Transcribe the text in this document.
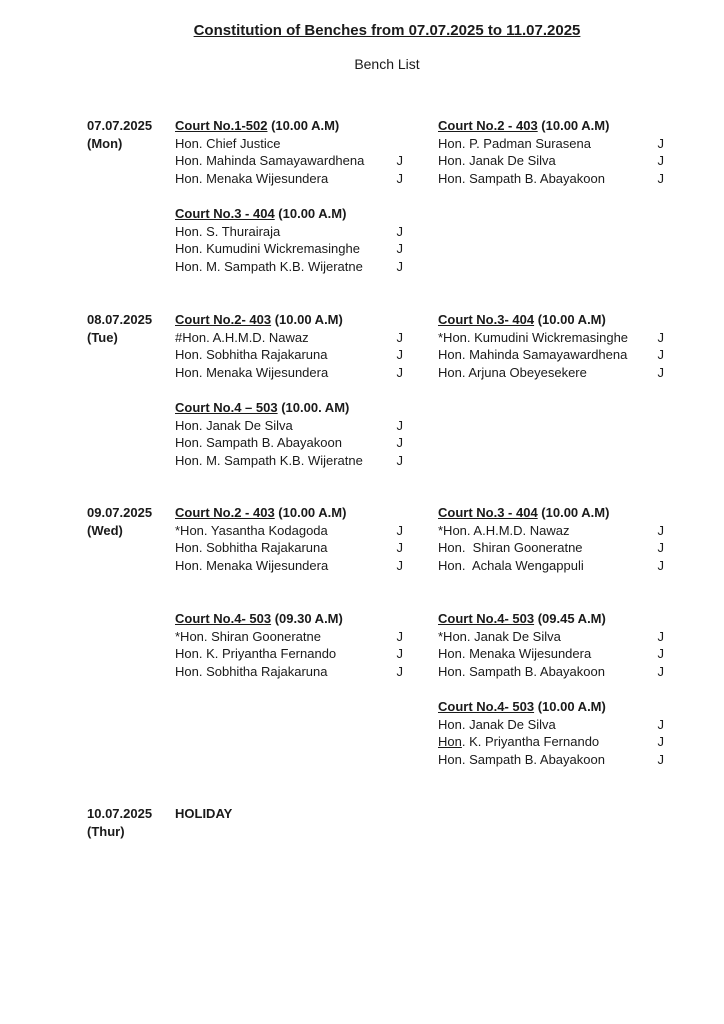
Constitution of Benches from 07.07.2025 to 11.07.2025
Bench List
07.07.2025
(Mon)
Court No.1-502 (10.00 A.M)
Hon. Chief Justice
Hon. Mahinda Samayawardhena J
Hon. Menaka Wijesundera	J
Court No.2 - 403 (10.00 A.M)
Hon. P. Padman Surasena	J
Hon. Janak De Silva	J
Hon. Sampath B. Abayakoon	J
Court No.3 - 404 (10.00 A.M)
Hon. S. Thurairaja	J
Hon. Kumudini Wickremasinghe	J
Hon. M. Sampath K.B. Wijeratne	J
08.07.2025
(Tue)
Court No.2- 403 (10.00 A.M)
#Hon. A.H.M.D. Nawaz	J
Hon. Sobhitha Rajakaruna	J
Hon. Menaka Wijesundera	J
Court No.3- 404 (10.00 A.M)
*Hon. Kumudini Wickremasinghe J
Hon. Mahinda Samayawardhena J
Hon. Arjuna Obeyesekere	J
Court No.4 – 503 (10.00. AM)
Hon. Janak De Silva	J
Hon. Sampath B. Abayakoon	J
Hon. M. Sampath K.B. Wijeratne	J
09.07.2025
(Wed)
Court No.2 - 403 (10.00 A.M)
*Hon. Yasantha Kodagoda	J
Hon. Sobhitha Rajakaruna	J
Hon. Menaka Wijesundera	J
Court No.3 - 404 (10.00 A.M)
*Hon. A.H.M.D. Nawaz	J
Hon.  Shiran Gooneratne	J
Hon.  Achala Wengappuli	J
Court No.4- 503 (09.30 A.M)
*Hon. Shiran Gooneratne	J
Hon. K. Priyantha Fernando	J
Hon. Sobhitha Rajakaruna	J
Court No.4- 503 (09.45 A.M)
*Hon. Janak De Silva	J
Hon. Menaka Wijesundera	J
Hon. Sampath B. Abayakoon	J
Court No.4- 503 (10.00 A.M)
Hon. Janak De Silva	J
Hon. K. Priyantha Fernando	J
Hon. Sampath B. Abayakoon	J
10.07.2025
(Thur)
HOLIDAY
